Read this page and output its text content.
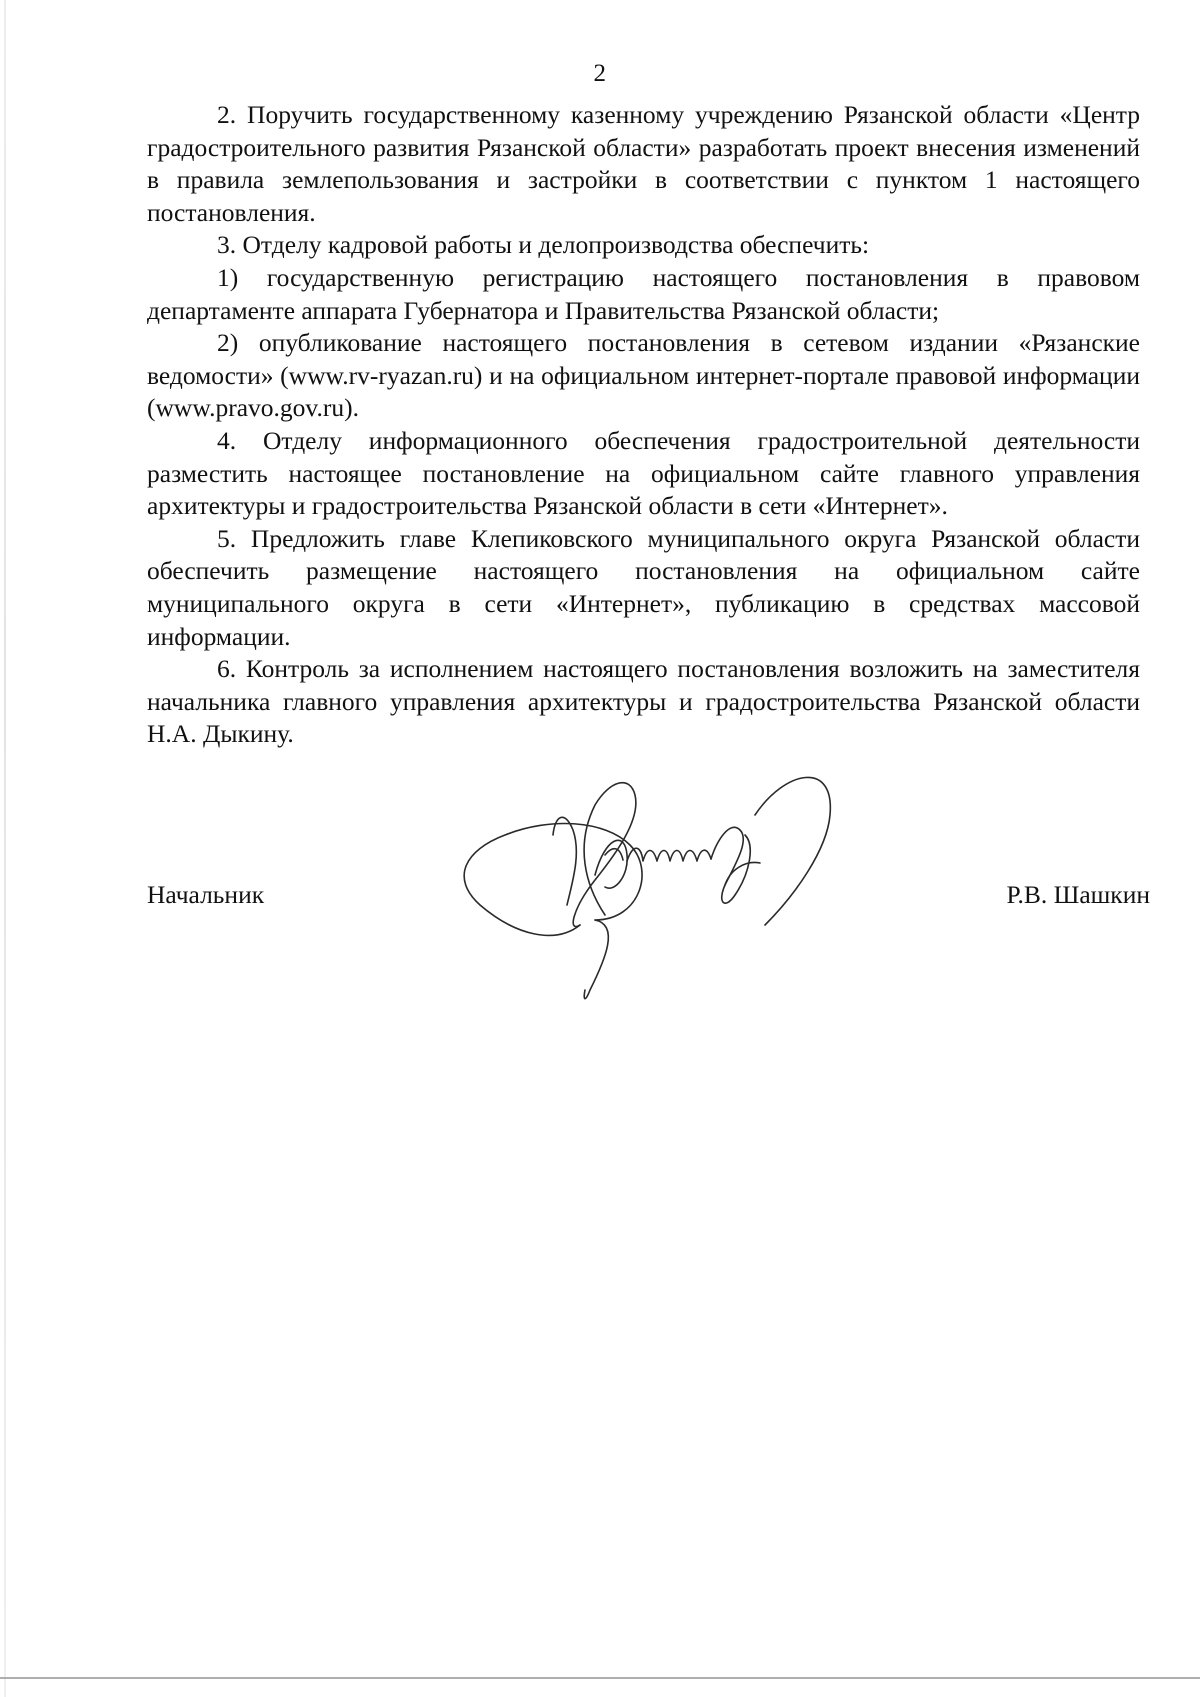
2

2. Поручить государственному казенному учреждению Рязанской области «Центр градостроительного развития Рязанской области» разработать проект внесения изменений в правила землепользования и застройки в соответствии с пунктом 1 настоящего постановления.

3. Отделу кадровой работы и делопроизводства обеспечить:

1) государственную регистрацию настоящего постановления в правовом департаменте аппарата Губернатора и Правительства Рязанской области;

2) опубликование настоящего постановления в сетевом издании «Рязанские ведомости» (www.rv-ryazan.ru) и на официальном интернет-портале правовой информации (www.pravo.gov.ru).

4. Отделу информационного обеспечения градостроительной деятельности разместить настоящее постановление на официальном сайте главного управления архитектуры и градостроительства Рязанской области в сети «Интернет».

5. Предложить главе Клепиковского муниципального округа Рязанской области обеспечить размещение настоящего постановления на официальном сайте муниципального округа в сети «Интернет», публикацию в средствах массовой информации.

6. Контроль за исполнением настоящего постановления возложить на заместителя начальника главного управления архитектуры и градостроительства Рязанской области Н.А. Дыкину.

Начальник	Р.В. Шашкин
